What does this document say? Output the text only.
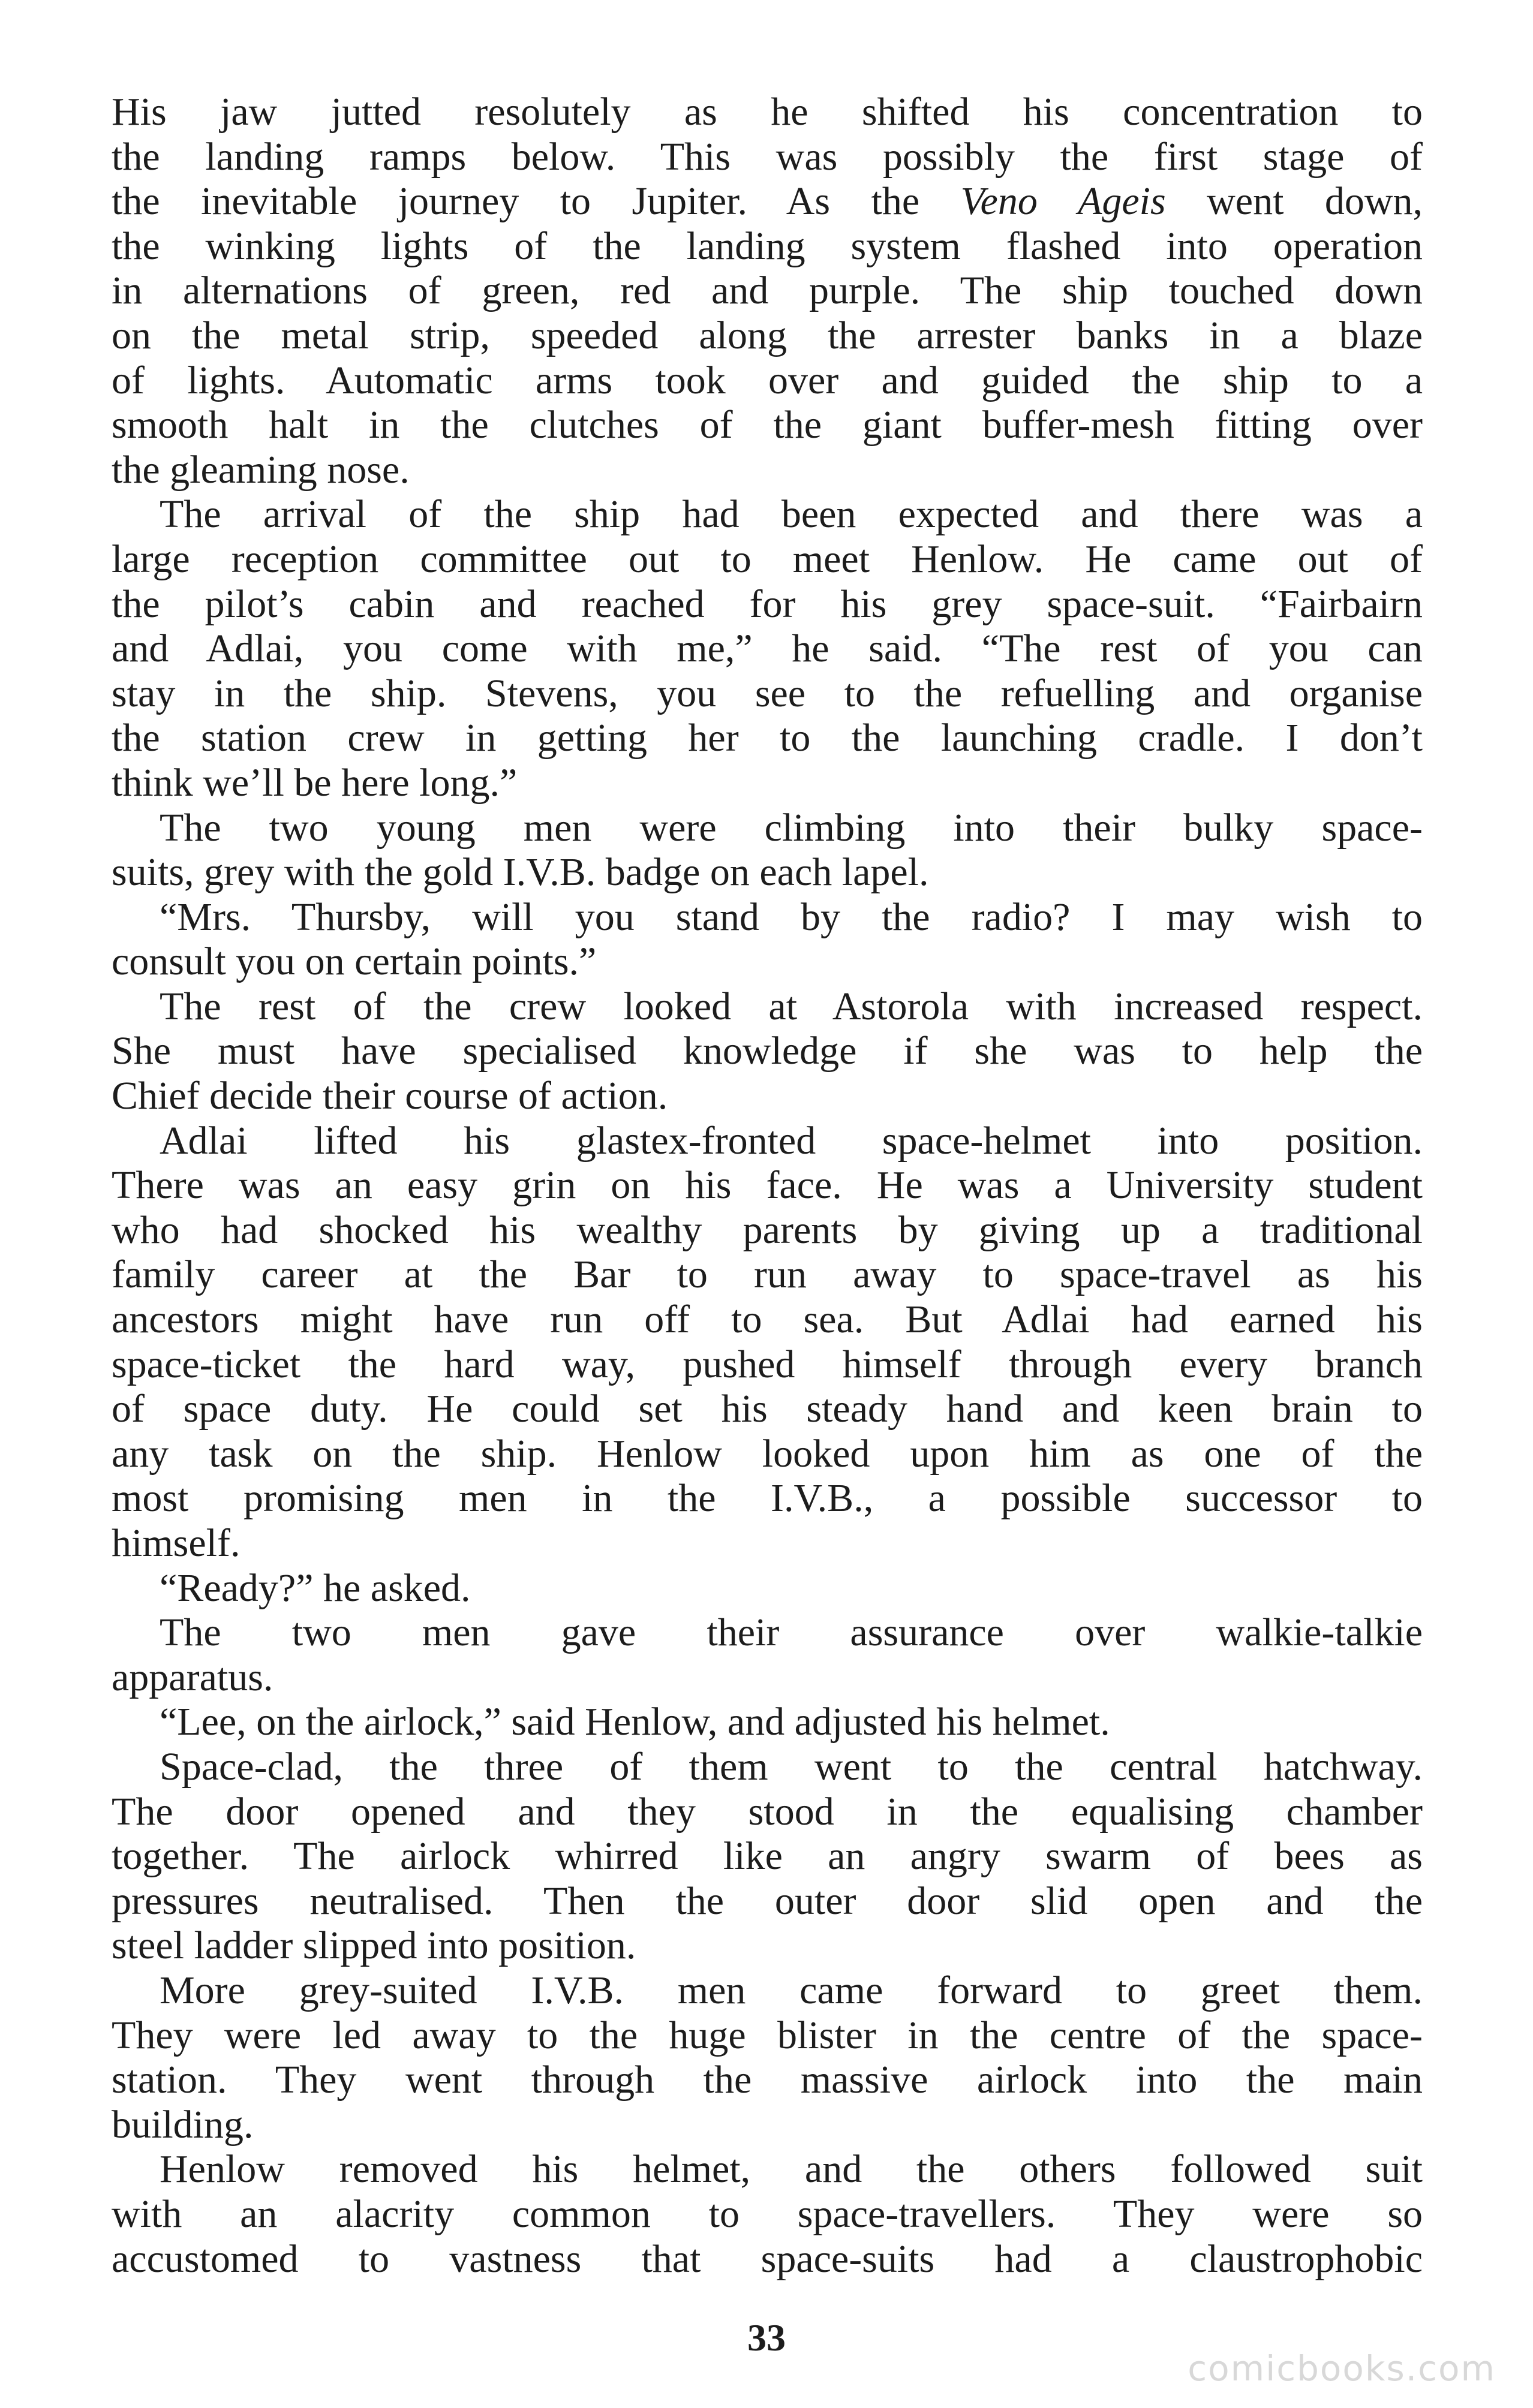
His jaw jutted resolutely as he shifted his concentration to
the landing ramps below. This was possibly the first stage of
the inevitable journey to Jupiter. As the Veno Ageis went down,
the winking lights of the landing system flashed into operation
in alternations of green, red and purple. The ship touched down
on the metal strip, speeded along the arrester banks in a blaze
of lights. Automatic arms took over and guided the ship to a
smooth halt in the clutches of the giant buffer-mesh fitting over
the gleaming nose.
The arrival of the ship had been expected and there was a
large reception committee out to meet Henlow. He came out of
the pilot’s cabin and reached for his grey space-suit. “Fairbairn
and Adlai, you come with me,” he said. “The rest of you can
stay in the ship. Stevens, you see to the refuelling and organise
the station crew in getting her to the launching cradle. I don’t
think we’ll be here long.”
The two young men were climbing into their bulky space-
suits, grey with the gold I.V.B. badge on each lapel.
“Mrs. Thursby, will you stand by the radio? I may wish to
consult you on certain points.”
The rest of the crew looked at Astorola with increased respect.
She must have specialised knowledge if she was to help the
Chief decide their course of action.
Adlai lifted his glastex-fronted space-helmet into position.
There was an easy grin on his face. He was a University student
who had shocked his wealthy parents by giving up a traditional
family career at the Bar to run away to space-travel as his
ancestors might have run off to sea. But Adlai had earned his
space-ticket the hard way, pushed himself through every branch
of space duty. He could set his steady hand and keen brain to
any task on the ship. Henlow looked upon him as one of the
most promising men in the I.V.B., a possible successor to
himself.
“Ready?” he asked.
The two men gave their assurance over walkie-talkie
apparatus.
“Lee, on the airlock,” said Henlow, and adjusted his helmet.
Space-clad, the three of them went to the central hatchway.
The door opened and they stood in the equalising chamber
together. The airlock whirred like an angry swarm of bees as
pressures neutralised. Then the outer door slid open and the
steel ladder slipped into position.
More grey-suited I.V.B. men came forward to greet them.
They were led away to the huge blister in the centre of the space-
station. They went through the massive airlock into the main
building.
Henlow removed his helmet, and the others followed suit
with an alacrity common to space-travellers. They were so
accustomed to vastness that space-suits had a claustrophobic
33
comicbooks.com
